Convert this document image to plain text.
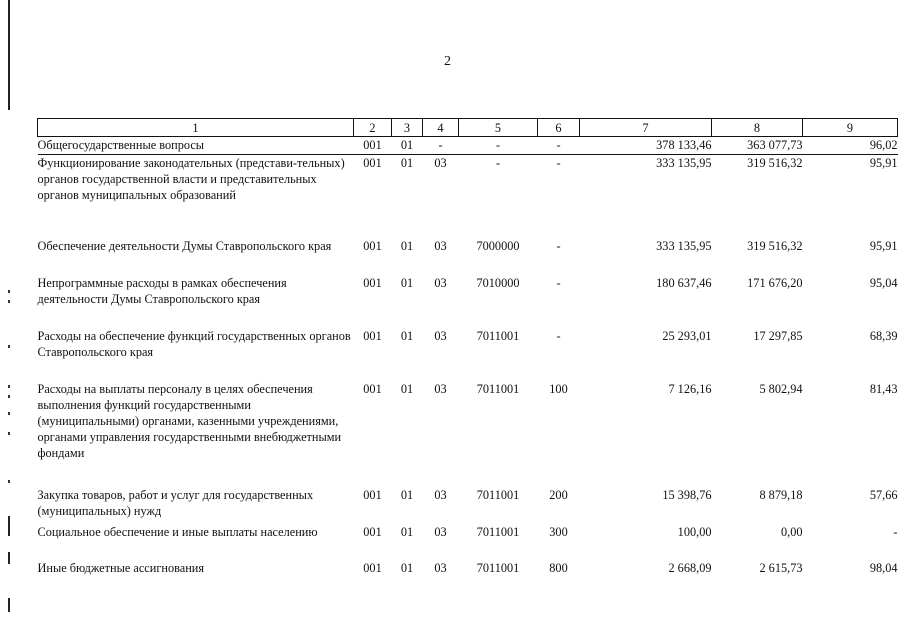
2
1	2	3	4	5	6	7	8	9
Общегосударственные вопросы	001	01	-	-	-	378 133,46	363 077,73	96,02
Функционирование законодательных (представи-тельных) органов государственной власти и представительных органов муниципальных образований	001	01	03	-	-	333 135,95	319 516,32	95,91
Обеспечение деятельности Думы Ставропольского края	001	01	03	7000000	-	333 135,95	319 516,32	95,91
Непрограммные расходы в рамках обеспечения деятельности Думы Ставропольского края	001	01	03	7010000	-	180 637,46	171 676,20	95,04
Расходы на обеспечение функций государственных органов Ставропольского края	001	01	03	7011001	-	25 293,01	17 297,85	68,39
Расходы на выплаты персоналу в целях обеспечения выполнения функций государственными (муниципальными) органами, казенными учреждениями, органами управления государственными внебюджетными фондами	001	01	03	7011001	100	7 126,16	5 802,94	81,43
Закупка товаров, работ и услуг для государственных (муниципальных) нужд	001	01	03	7011001	200	15 398,76	8 879,18	57,66
Социальное обеспечение и иные выплаты населению	001	01	03	7011001	300	100,00	0,00	-
Иные бюджетные ассигнования	001	01	03	7011001	800	2 668,09	2 615,73	98,04
